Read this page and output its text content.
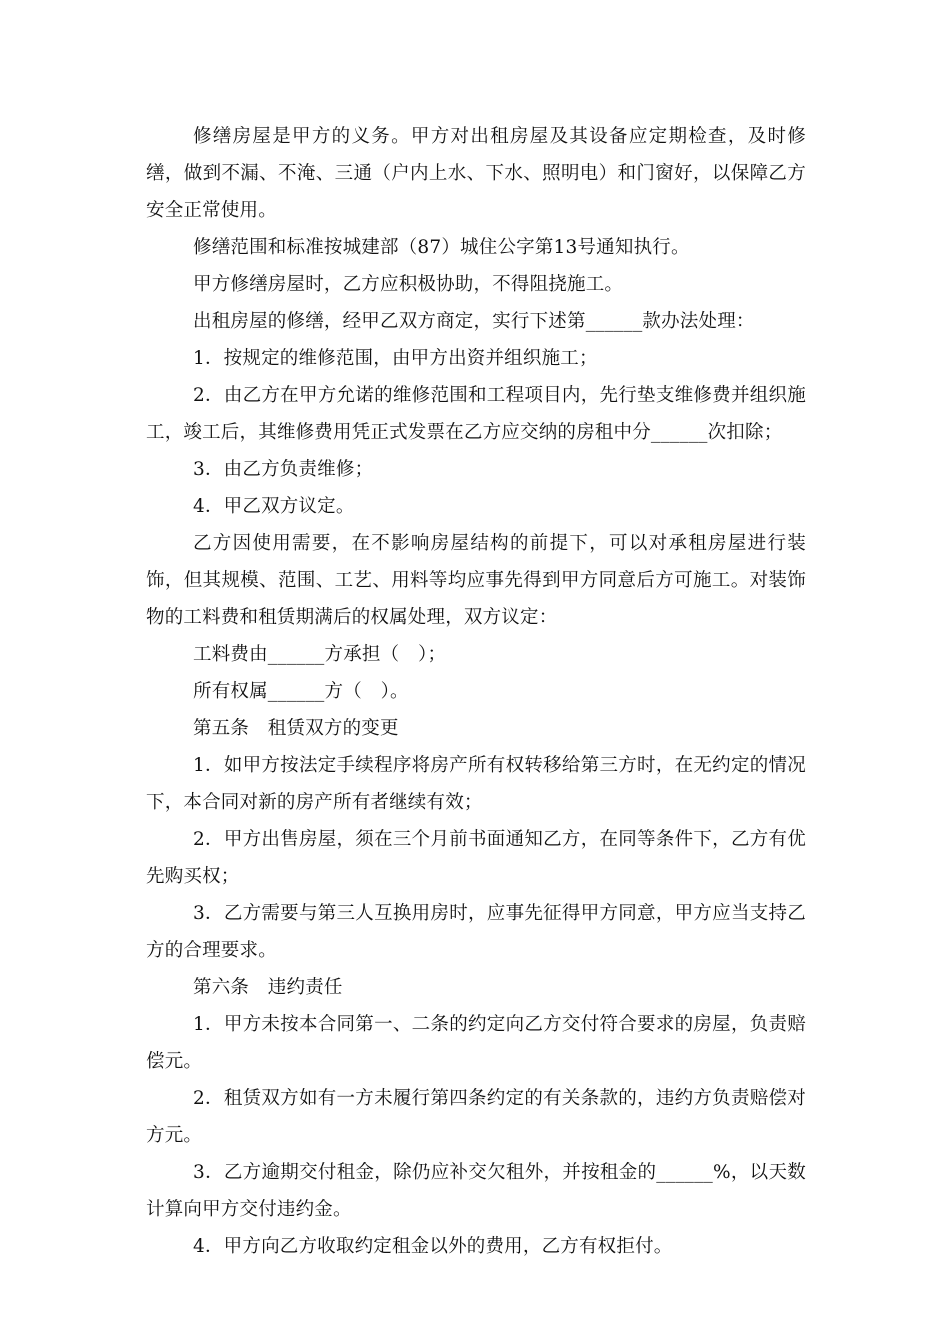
修缮房屋是甲方的义务。甲方对出租房屋及其设备应定期检查，及时修缮，做到不漏、不淹、三通（户内上水、下水、照明电）和门窗好，以保障乙方安全正常使用。

修缮范围和标准按城建部（87）城住公字第13号通知执行。

甲方修缮房屋时，乙方应积极协助，不得阻挠施工。

出租房屋的修缮，经甲乙双方商定，实行下述第______款办法处理：

1．按规定的维修范围，由甲方出资并组织施工；

2．由乙方在甲方允诺的维修范围和工程项目内，先行垫支维修费并组织施工，竣工后，其维修费用凭正式发票在乙方应交纳的房租中分______次扣除；

3．由乙方负责维修；

4．甲乙双方议定。

乙方因使用需要，在不影响房屋结构的前提下，可以对承租房屋进行装饰，但其规模、范围、工艺、用料等均应事先得到甲方同意后方可施工。对装饰物的工料费和租赁期满后的权属处理，双方议定：

工料费由______方承担（　）；

所有权属______方（　）。

第五条　租赁双方的变更

1．如甲方按法定手续程序将房产所有权转移给第三方时，在无约定的情况下，本合同对新的房产所有者继续有效；

2．甲方出售房屋，须在三个月前书面通知乙方，在同等条件下，乙方有优先购买权；

3．乙方需要与第三人互换用房时，应事先征得甲方同意，甲方应当支持乙方的合理要求。

第六条　违约责任

1．甲方未按本合同第一、二条的约定向乙方交付符合要求的房屋，负责赔偿元。

2．租赁双方如有一方未履行第四条约定的有关条款的，违约方负责赔偿对方元。

3．乙方逾期交付租金，除仍应补交欠租外，并按租金的______%，以天数计算向甲方交付违约金。

4．甲方向乙方收取约定租金以外的费用，乙方有权拒付。
